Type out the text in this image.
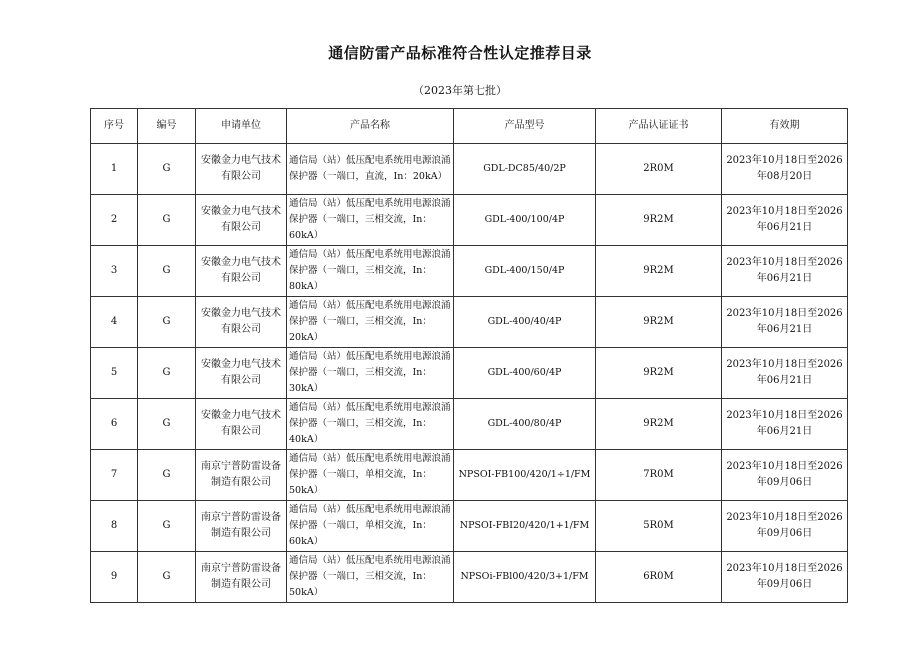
通信防雷产品标准符合性认定推荐目录
（2023年第七批）
序号	编号	申请单位	产品名称	产品型号	产品认证证书	有效期
1	G	安徽金力电气技术有限公司	通信局（站）低压配电系统用电源浪涌保护器（一端口，直流，In：20kA）	GDL-DC85/40/2P	2R0M	2023年10月18日至2026年08月20日
2	G	安徽金力电气技术有限公司	通信局（站）低压配电系统用电源浪涌保护器（一端口，三相交流，In：60kA）	GDL-400/100/4P	9R2M	2023年10月18日至2026年06月21日
3	G	安徽金力电气技术有限公司	通信局（站）低压配电系统用电源浪涌保护器（一端口，三相交流，In：80kA）	GDL-400/150/4P	9R2M	2023年10月18日至2026年06月21日
4	G	安徽金力电气技术有限公司	通信局（站）低压配电系统用电源浪涌保护器（一端口，三相交流，In：20kA）	GDL-400/40/4P	9R2M	2023年10月18日至2026年06月21日
5	G	安徽金力电气技术有限公司	通信局（站）低压配电系统用电源浪涌保护器（一端口，三相交流，In：30kA）	GDL-400/60/4P	9R2M	2023年10月18日至2026年06月21日
6	G	安徽金力电气技术有限公司	通信局（站）低压配电系统用电源浪涌保护器（一端口，三相交流，In：40kA）	GDL-400/80/4P	9R2M	2023年10月18日至2026年06月21日
7	G	南京宁普防雷设备制造有限公司	通信局（站）低压配电系统用电源浪涌保护器（一端口，单相交流，In：50kA）	NPSOI-FB100/420/1÷1/FM	7R0M	2023年10月18日至2026年09月06日
8	G	南京宁普防雷设备制造有限公司	通信局（站）低压配电系统用电源浪涌保护器（一端口，单相交流，In：60kA）	NPSOI-FBI20/420/1+1/FM	5R0M	2023年10月18日至2026年09月06日
9	G	南京宁普防雷设备制造有限公司	通信局（站）低压配电系统用电源浪涌保护器（一端口，三相交流，In：50kA）	NPSOi-FBl00/420/3+1/FM	6R0M	2023年10月18日至2026年09月06日
